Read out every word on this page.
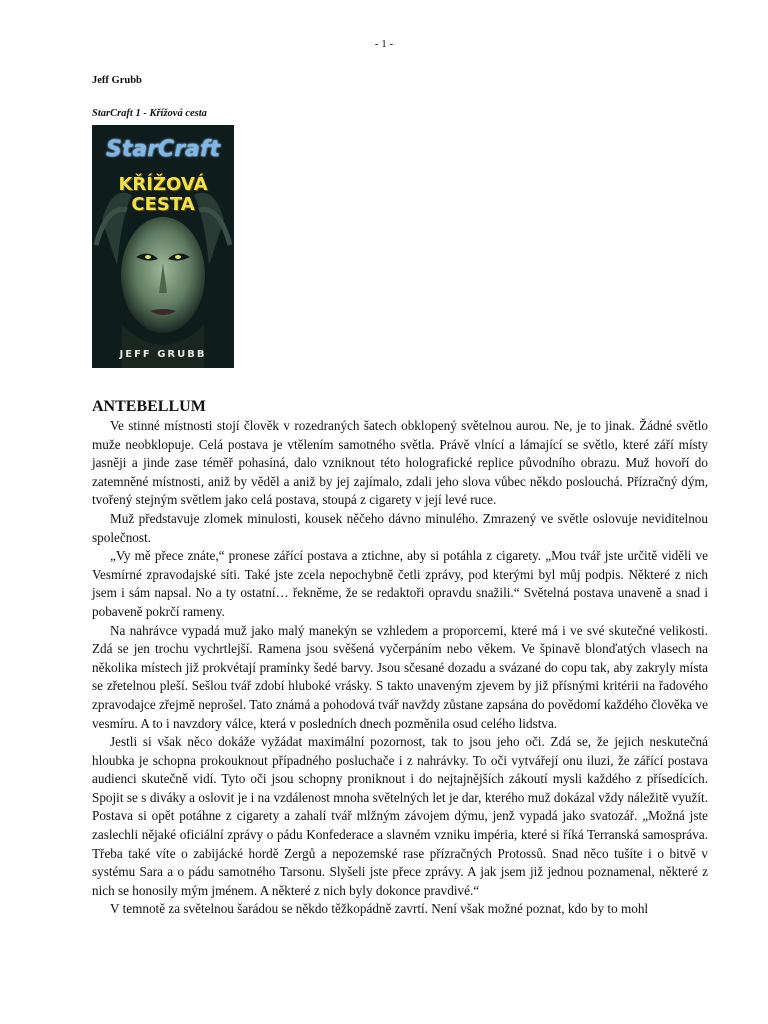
- 1 -
Jeff Grubb
StarCraft 1 - Křížová cesta
StarCraft
KŘÍŽOVÁ
CESTA
JEFF GRUBB
ANTEBELLUM

Ve stinné místnosti stojí člověk v rozedraných šatech obklopený světelnou aurou. Ne, je to jinak. Žádné světlo muže neobklopuje. Celá postava je vtělením samotného světla. Právě vlnící a lámající se světlo, které září místy jasněji a jinde zase téměř pohasíná, dalo vzniknout této holografické replice původního obrazu. Muž hovoří do zatemněné místnosti, aniž by věděl a aniž by jej zajímalo, zdali jeho slova vůbec někdo poslouchá. Přízračný dým, tvořený stejným světlem jako celá postava, stoupá z cigarety v její levé ruce.

Muž představuje zlomek minulosti, kousek něčeho dávno minulého. Zmrazený ve světle oslovuje neviditelnou společnost.

„Vy mě přece znáte,“ pronese zářící postava a ztichne, aby si potáhla z cigarety. „Mou tvář jste určitě viděli ve Vesmírné zpravodajské síti. Také jste zcela nepochybně četli zprávy, pod kterými byl můj podpis. Některé z nich jsem i sám napsal. No a ty ostatní… řekněme, že se redaktoři opravdu snažili.“ Světelná postava unaveně a snad i pobaveně pokrčí rameny.

Na nahrávce vypadá muž jako malý manekýn se vzhledem a proporcemi, které má i ve své skutečné velikosti. Zdá se jen trochu vychrtlejší. Ramena jsou svěšená vyčerpáním nebo věkem. Ve špinavě blonďatých vlasech na několika místech již prokvétají pramínky šedé barvy. Jsou sčesané dozadu a svázané do copu tak, aby zakryly místa se zřetelnou pleší. Sešlou tvář zdobí hluboké vrásky. S takto unaveným zjevem by již přísnými kritérii na řadového zpravodajce zřejmě neprošel. Tato známá a pohodová tvář navždy zůstane zapsána do povědomí každého člověka ve vesmíru. A to i navzdory válce, která v posledních dnech pozměnila osud celého lidstva.

Jestli si však něco dokáže vyžádat maximální pozornost, tak to jsou jeho oči. Zdá se, že jejich neskutečná hloubka je schopna prokouknout případného posluchače i z nahrávky. To oči vytvářejí onu iluzi, že zářící postava audienci skutečně vidí. Tyto oči jsou schopny proniknout i do nejtajnějších zákoutí mysli každého z přísedících. Spojit se s diváky a oslovit je i na vzdálenost mnoha světelných let je dar, kterého muž dokázal vždy náležitě využít. Postava si opět potáhne z cigarety a zahalí tvář mlžným závojem dýmu, jenž vypadá jako svatozář. „Možná jste zaslechli nějaké oficiální zprávy o pádu Konfederace a slavném vzniku impéria, které si říká Terranská samospráva. Třeba také víte o zabijácké hordě Zergů a nepozemské rase přízračných Protossů. Snad něco tušíte i o bitvě v systému Sara a o pádu samotného Tarsonu. Slyšeli jste přece zprávy. A jak jsem již jednou poznamenal, některé z nich se honosily mým jménem. A některé z nich byly dokonce pravdivé.“

V temnotě za světelnou šarádou se někdo těžkopádně zavrtí. Není však možné poznat, kdo by to mohl
